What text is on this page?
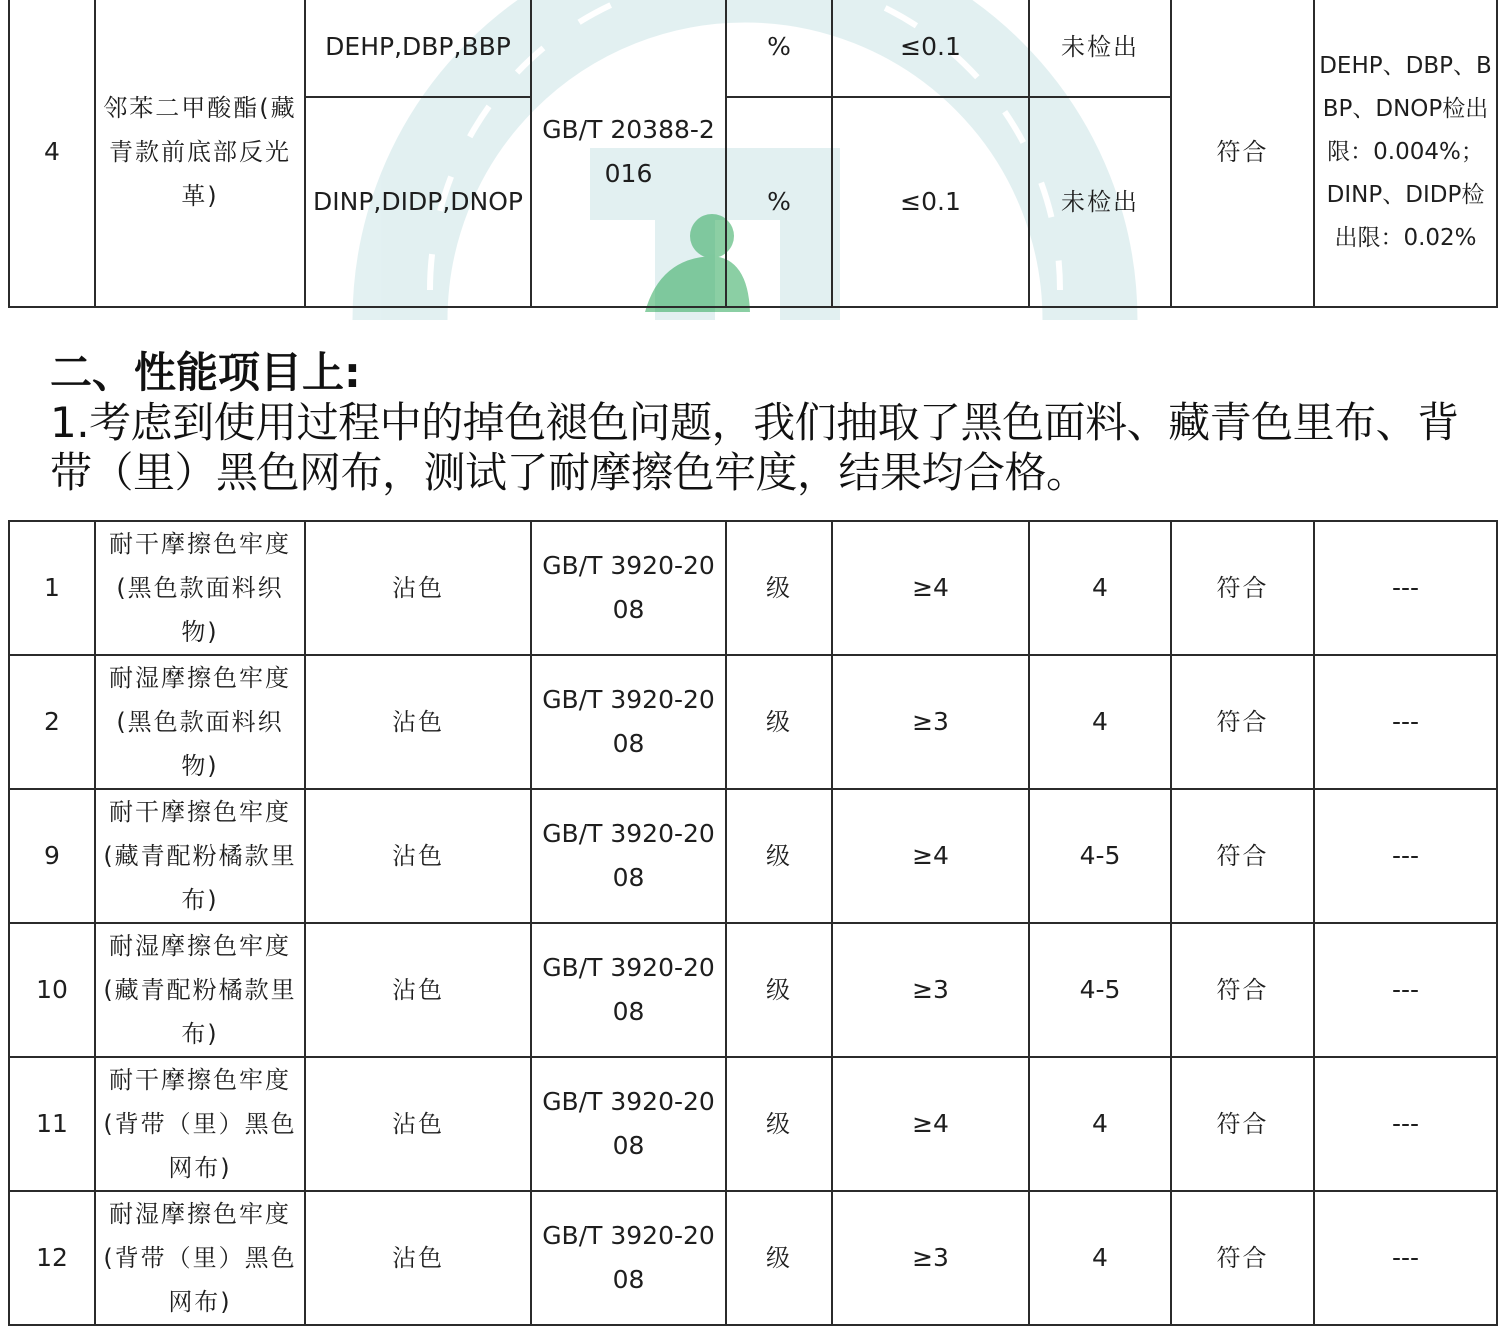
4	邻苯二甲酸酯(藏青款前底部反光革)	DEHP,DBP,BBP	GB/T 20388-2016	%	≤0.1	未检出	符合	DEHP、DBP、BBP、DNOP检出限：0.004%；DINP、DIDP检出限：0.02%
		DINP,DIDP,DNOP		%	≤0.1	未检出		
二、性能项目上:

1.考虑到使用过程中的掉色褪色问题，我们抽取了黑色面料、藏青色里布、背带（里）黑色网布，测试了耐摩擦色牢度，结果均合格。

1	耐干摩擦色牢度(黑色款面料织物)	沾色	GB/T 3920-2008	级	≥4	4	符合	---
2	耐湿摩擦色牢度(黑色款面料织物)	沾色	GB/T 3920-2008	级	≥3	4	符合	---
9	耐干摩擦色牢度(藏青配粉橘款里布)	沾色	GB/T 3920-2008	级	≥4	4-5	符合	---
10	耐湿摩擦色牢度(藏青配粉橘款里布)	沾色	GB/T 3920-2008	级	≥3	4-5	符合	---
11	耐干摩擦色牢度(背带（里）黑色网布)	沾色	GB/T 3920-2008	级	≥4	4	符合	---
12	耐湿摩擦色牢度(背带（里）黑色网布)	沾色	GB/T 3920-2008	级	≥3	4	符合	---
